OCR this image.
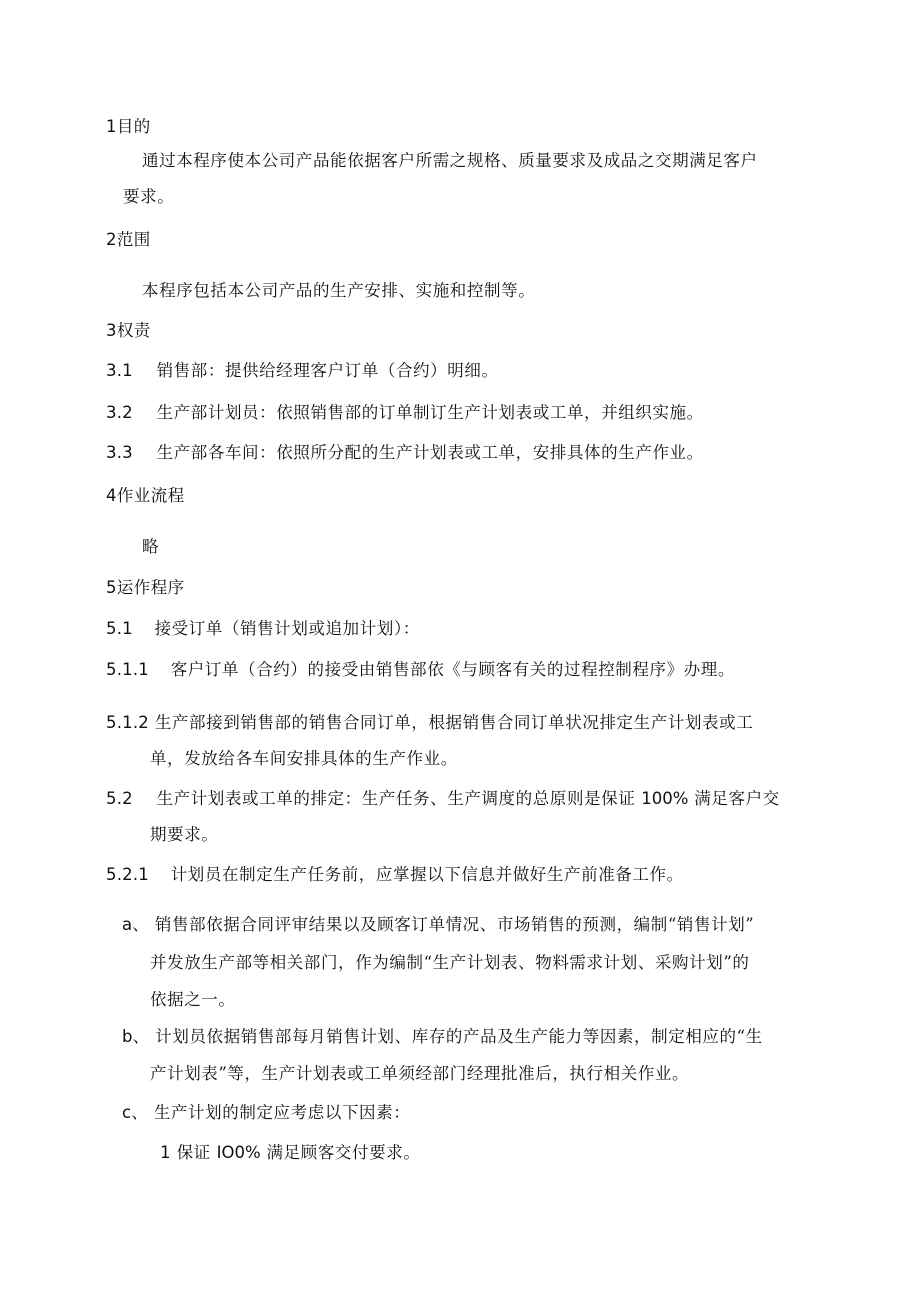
1目的
通过本程序使本公司产品能依据客户所需之规格、质量要求及成品之交期满足客户
要求。
2范围
本程序包括本公司产品的生产安排、实施和控制等。
3权责
3.1 销售部：提供给经理客户订单（合约）明细。
3.2 生产部计划员：依照销售部的订单制订生产计划表或工单，并组织实施。
3.3 生产部各车间：依照所分配的生产计划表或工单，安排具体的生产作业。
4作业流程
略
5运作程序
5.1 接受订单（销售计划或追加计划）：
5.1.1 客户订单（合约）的接受由销售部依《与顾客有关的过程控制程序》办理。
5.1.2 生产部接到销售部的销售合同订单，根据销售合同订单状况排定生产计划表或工
单，发放给各车间安排具体的生产作业。
5.2 生产计划表或工单的排定：生产任务、生产调度的总原则是保证 100% 满足客户交
期要求。
5.2.1 计划员在制定生产任务前，应掌握以下信息并做好生产前准备工作。
a、 销售部依据合同评审结果以及顾客订单情况、市场销售的预测，编制“销售计划”
并发放生产部等相关部门，作为编制“生产计划表、物料需求计划、采购计划”的
依据之一。
b、 计划员依据销售部每月销售计划、库存的产品及生产能力等因素，制定相应的“生
产计划表”等，生产计划表或工单须经部门经理批准后，执行相关作业。
c、 生产计划的制定应考虑以下因素：
1 保证 IO0% 满足顾客交付要求。
